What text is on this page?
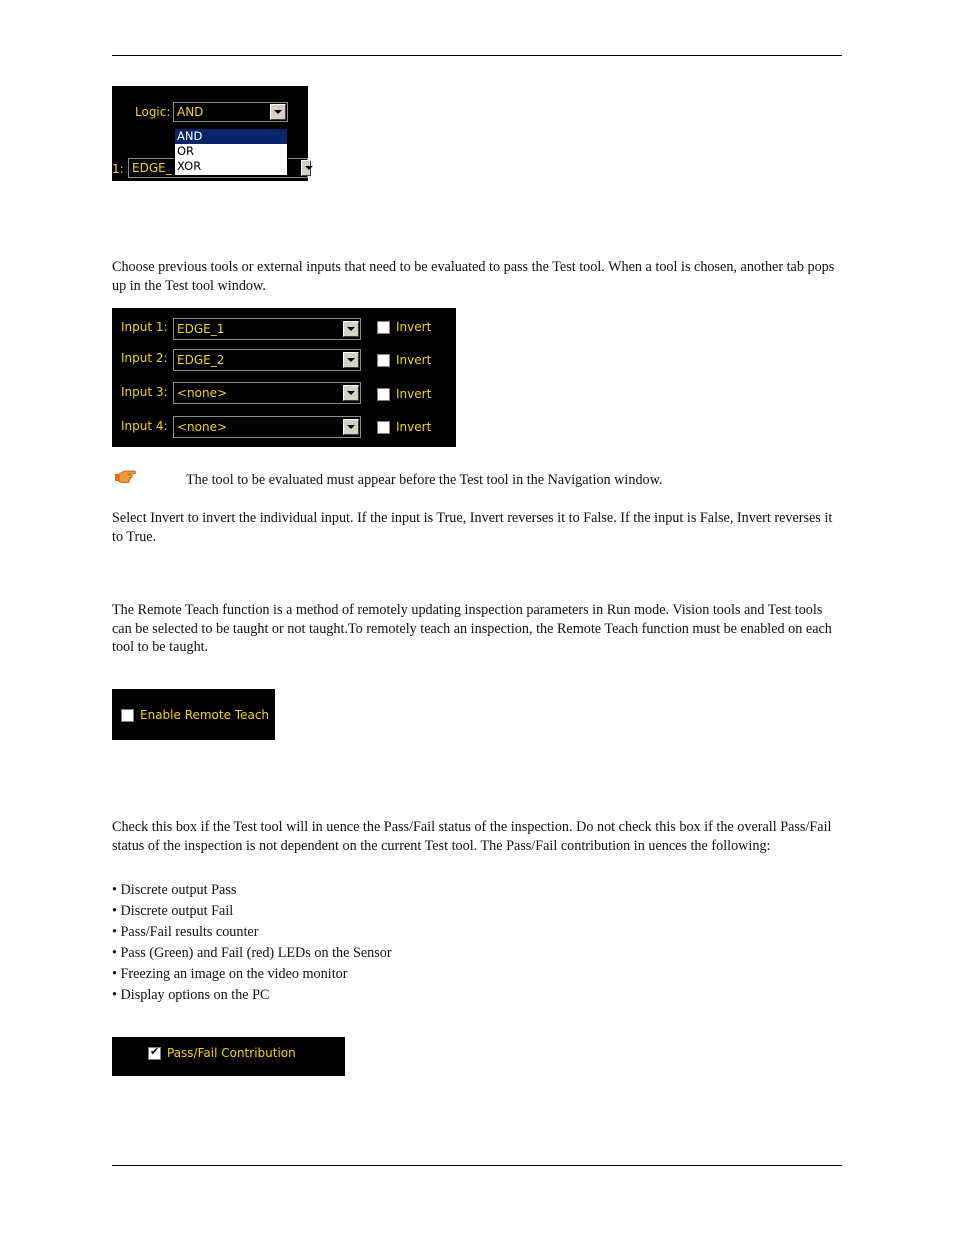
Logic: AND
1: EDGE_
AND
OR
XOR

Choose previous tools or external inputs that need to be evaluated to pass the Test tool. When a tool is chosen, another tab pops up in the Test tool window.

Input 1: EDGE_1	Invert
Input 2: EDGE_2	Invert
Input 3: <none>	Invert
Input 4: <none>	Invert

The tool to be evaluated must appear before the Test tool in the Navigation window.

Select Invert to invert the individual input. If the input is True, Invert reverses it to False. If the input is False, Invert reverses it to True.

The Remote Teach function is a method of remotely updating inspection parameters in Run mode. Vision tools and Test tools can be selected to be taught or not taught.To remotely teach an inspection, the Remote Teach function must be enabled on each tool to be taught.

Enable Remote Teach

Check this box if the Test tool will in uence the Pass/Fail status of the inspection. Do not check this box if the overall Pass/Fail status of the inspection is not dependent on the current Test tool. The Pass/Fail contribution in uences the following:

• Discrete output Pass
• Discrete output Fail
• Pass/Fail results counter
• Pass (Green) and Fail (red) LEDs on the Sensor
• Freezing an image on the video monitor
• Display options on the PC
✔
Pass/Fail Contribution
